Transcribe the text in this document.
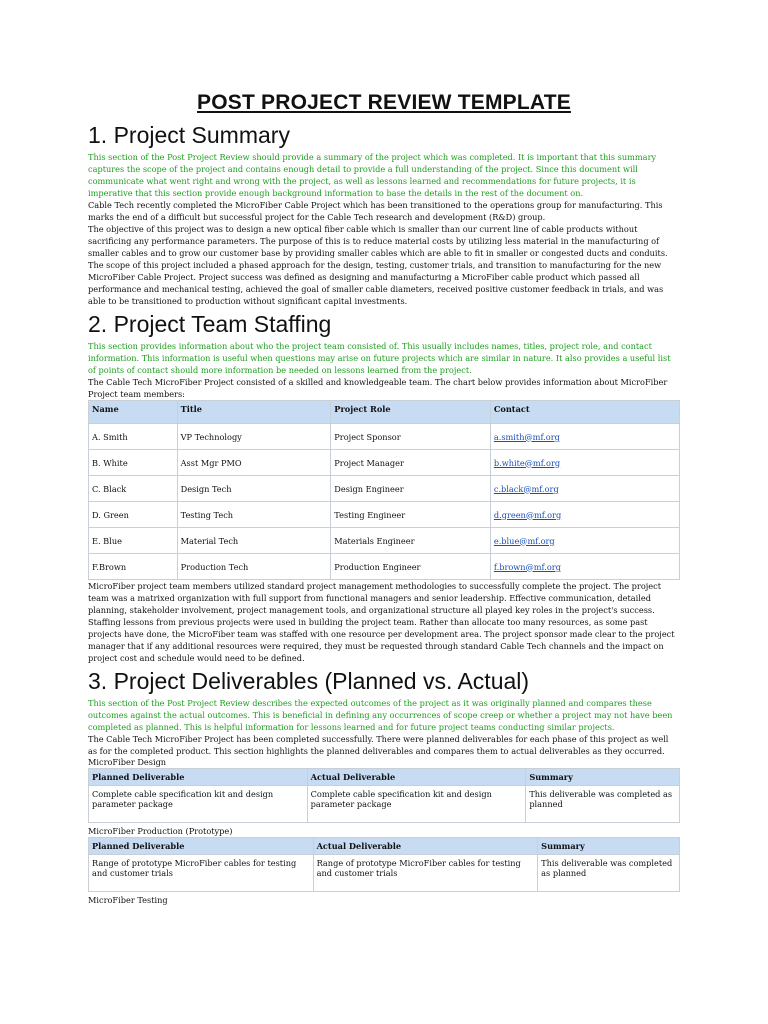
POST PROJECT REVIEW TEMPLATE
1. Project Summary

This section of the Post Project Review should provide a summary of the project which was completed. It is important that this summary captures the scope of the project and contains enough detail to provide a full understanding of the project. Since this document will communicate what went right and wrong with the project, as well as lessons learned and recommendations for future projects, it is imperative that this section provide enough background information to base the details in the rest of the document on.

Cable Tech recently completed the MicroFiber Cable Project which has been transitioned to the operations group for manufacturing. This marks the end of a difficult but successful project for the Cable Tech research and development (R&D) group.

The objective of this project was to design a new optical fiber cable which is smaller than our current line of cable products without sacrificing any performance parameters. The purpose of this is to reduce material costs by utilizing less material in the manufacturing of smaller cables and to grow our customer base by providing smaller cables which are able to fit in smaller or congested ducts and conduits.

The scope of this project included a phased approach for the design, testing, customer trials, and transition to manufacturing for the new MicroFiber Cable Project. Project success was defined as designing and manufacturing a MicroFiber cable product which passed all performance and mechanical testing, achieved the goal of smaller cable diameters, received positive customer feedback in trials, and was able to be transitioned to production without significant capital investments.

2. Project Team Staffing

This section provides information about who the project team consisted of. This usually includes names, titles, project role, and contact information. This information is useful when questions may arise on future projects which are similar in nature. It also provides a useful list of points of contact should more information be needed on lessons learned from the project.

The Cable Tech MicroFiber Project consisted of a skilled and knowledgeable team. The chart below provides information about MicroFiber Project team members:

Name	Title	Project Role	Contact
A. Smith	VP Technology	Project Sponsor	a.smith@mf.org
B. White	Asst Mgr PMO	Project Manager	b.white@mf.org
C. Black	Design Tech	Design Engineer	c.black@mf.org
D. Green	Testing Tech	Testing Engineer	d.green@mf.org
E. Blue	Material Tech	Materials Engineer	e.blue@mf.org
F.Brown	Production Tech	Production Engineer	f.brown@mf.org

MicroFiber project team members utilized standard project management methodologies to successfully complete the project. The project team was a matrixed organization with full support from functional managers and senior leadership. Effective communication, detailed planning, stakeholder involvement, project management tools, and organizational structure all played key roles in the project's success.

Staffing lessons from previous projects were used in building the project team. Rather than allocate too many resources, as some past projects have done, the MicroFiber team was staffed with one resource per development area. The project sponsor made clear to the project manager that if any additional resources were required, they must be requested through standard Cable Tech channels and the impact on project cost and schedule would need to be defined.

3. Project Deliverables (Planned vs. Actual)

This section of the Post Project Review describes the expected outcomes of the project as it was originally planned and compares these outcomes against the actual outcomes. This is beneficial in defining any occurrences of scope creep or whether a project may not have been completed as planned. This is helpful information for lessons learned and for future project teams conducting similar projects.

The Cable Tech MicroFiber Project has been completed successfully. There were planned deliverables for each phase of this project as well as for the completed product. This section highlights the planned deliverables and compares them to actual deliverables as they occurred.

MicroFiber Design

Planned Deliverable	Actual Deliverable	Summary
Complete cable specification kit and design parameter package	Complete cable specification kit and design parameter package	This deliverable was completed as planned

MicroFiber Production (Prototype)

Planned Deliverable	Actual Deliverable	Summary
Range of prototype MicroFiber cables for testing and customer trials	Range of prototype MicroFiber cables for testing and customer trials	This deliverable was completed as planned

MicroFiber Testing
